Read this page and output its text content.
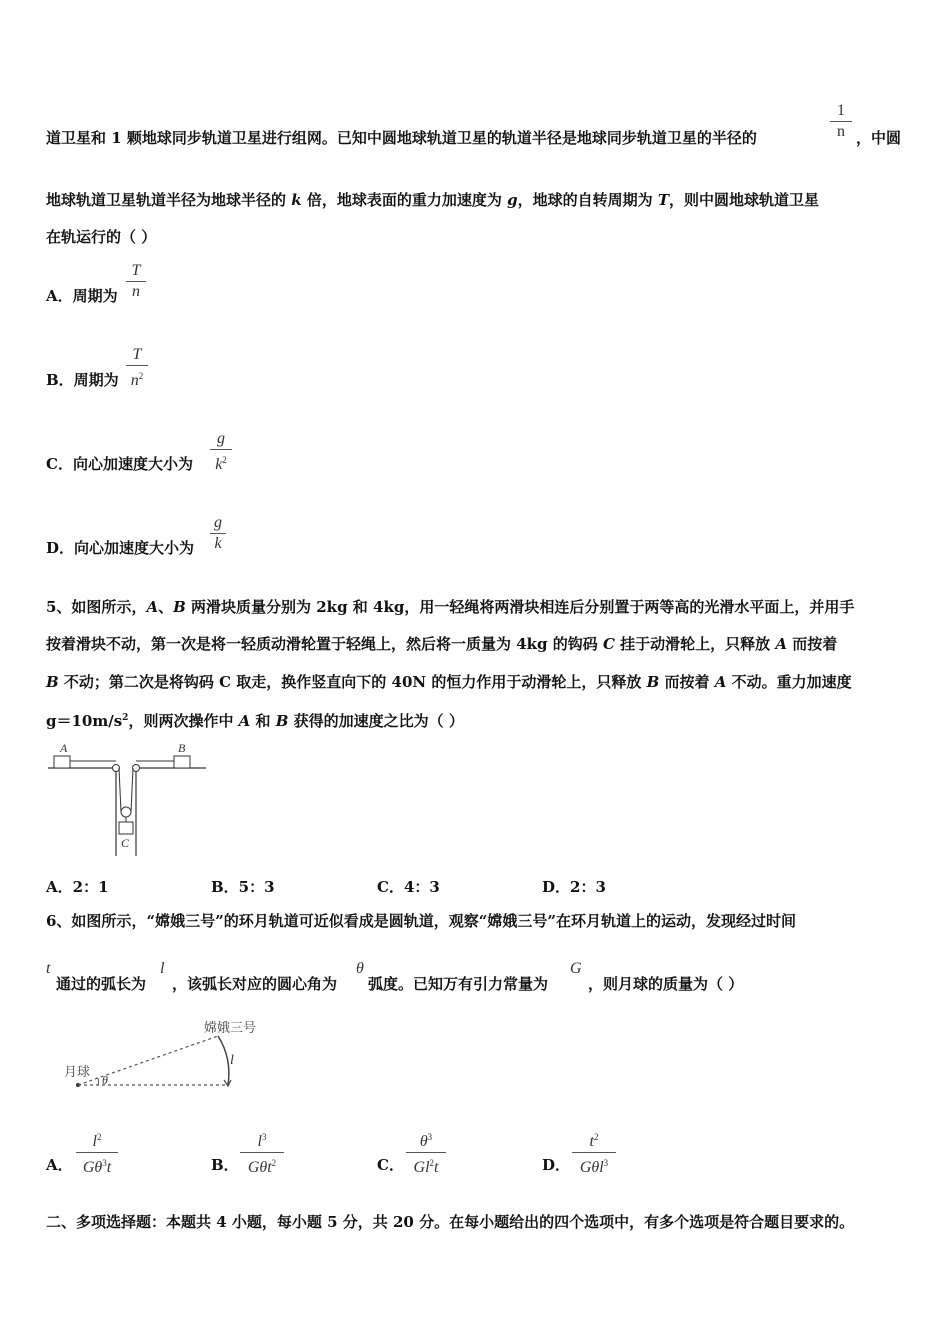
道卫星和 1 颗地球同步轨道卫星进行组网。已知中圆地球轨道卫星的轨道半径是地球同步轨道卫星的半径的
1
n ，中圆
地球轨道卫星轨道半径为地球半径的 k 倍，地球表面的重力加速度为 g，地球的自转周期为 T，则中圆地球轨道卫星
在轨运行的（ ）
A．周期为
T
n
B．周期为
T
$n^2$
C．向心加速度大小为
g
$k^2$
D．向心加速度大小为
g
k
5、如图所示，A、B 两滑块质量分别为 2kg 和 4kg，用一轻绳将两滑块相连后分别置于两等高的光滑水平面上，并用手
按着滑块不动，第一次是将一轻质动滑轮置于轻绳上，然后将一质量为 4kg 的钩码 C 挂于动滑轮上，只释放 A 而按着
B 不动；第二次是将钩码 C 取走，换作竖直向下的 40N 的恒力作用于动滑轮上，只释放 B 而按着 A 不动。重力加速度
$g=10m/s^2$，则两次操作中 A 和 B 获得的加速度之比为（ ）
A	B
C
A．2：1	B．5：3	C．4：3	D．2：3
6、如图所示，“嫦娥三号”的环月轨道可近似看成是圆轨道，观察“嫦娥三号”在环月轨道上的运动，发现经过时间
t
通过的弧长为
l
，该弧长对应的圆心角为
θ
弧度。已知万有引力常量为
G
，则月球的质量为（ ）
月球
嫦娥三号
l
θ
A．
$l^2$
$G\theta^3t$	B．
$l^3$
Gθt$^2$	C．
$\theta^3$
Gl$^2$t	D．
$t^2$
Gθl$^3$
二、多项选择题：本题共 4 小题，每小题 5 分，共 20 分。在每小题给出的四个选项中，有多个选项是符合题目要求的。
